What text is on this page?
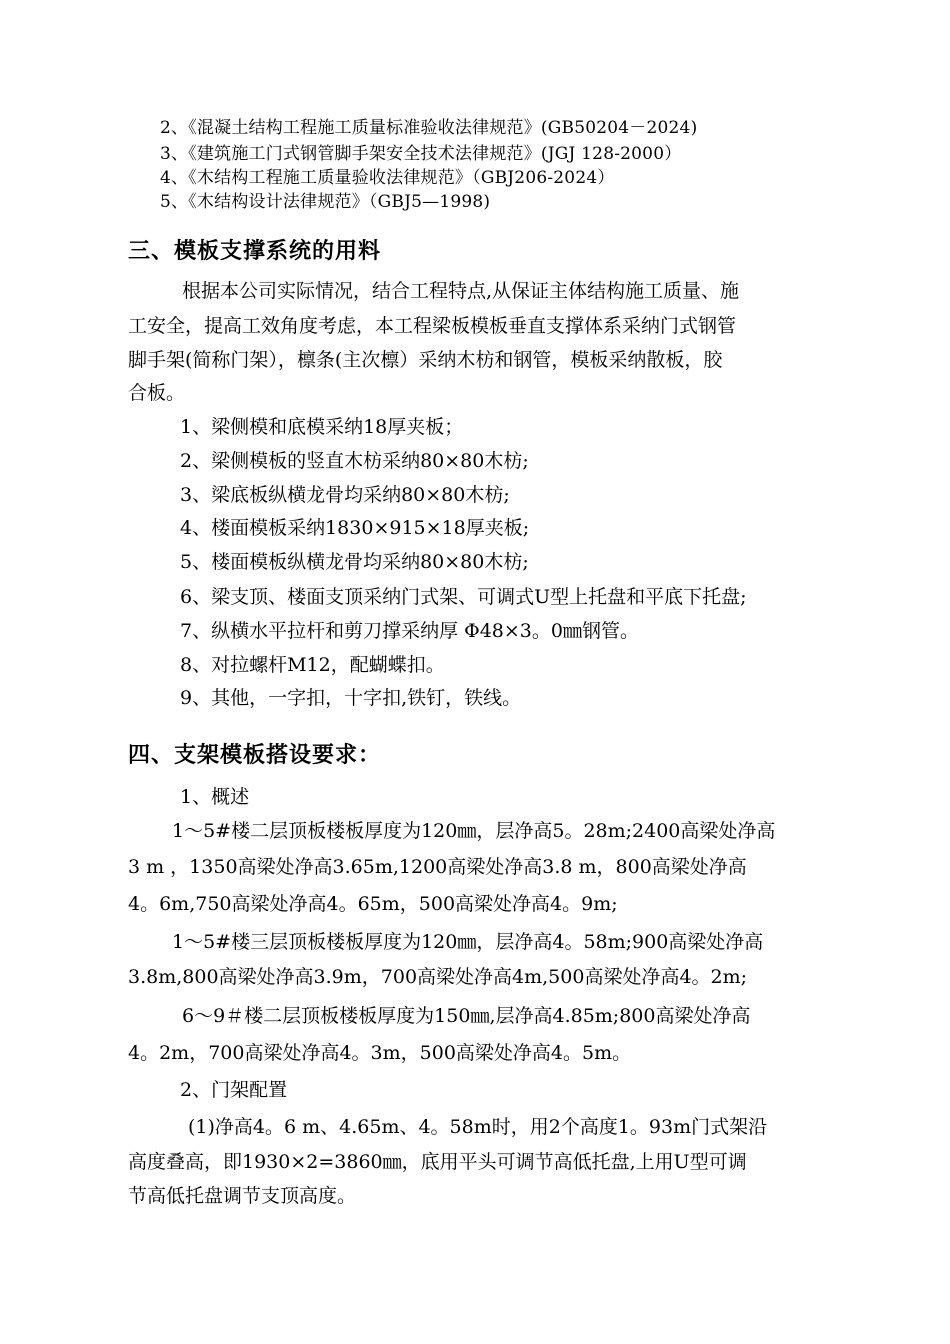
2、《混凝土结构工程施工质量标准验收法律规范》(GB50204－2024)
3、《建筑施工门式钢管脚手架安全技术法律规范》(JGJ 128-2000）
4、《木结构工程施工质量验收法律规范》（GBJ206-2024）
5、《木结构设计法律规范》（GBJ5—1998)
三、模板支撑系统的用料
根据本公司实际情况，结合工程特点,从保证主体结构施工质量、施
工安全，提高工效角度考虑，本工程梁板模板垂直支撑体系采纳门式钢管
脚手架(简称门架），檩条(主次檩）采纳木枋和钢管，模板采纳散板，胶
合板。
1、梁侧模和底模采纳18厚夹板；
2、梁侧模板的竖直木枋采纳80×80木枋;
3、梁底板纵横龙骨均采纳80×80木枋;
4、楼面模板采纳1830×915×18厚夹板;
5、楼面模板纵横龙骨均采纳80×80木枋;
6、梁支顶、楼面支顶采纳门式架、可调式U型上托盘和平底下托盘;
7、纵横水平拉杆和剪刀撑采纳厚 Φ48×3。0㎜钢管。
8、对拉螺杆M12，配蝴蝶扣。
9、其他，一字扣，十字扣,铁钉，铁线。
四、支架模板搭设要求：
1、概述
1～5#楼二层顶板楼板厚度为120㎜，层净高5。28m;2400高梁处净高
3 m ，1350高梁处净高3.65m,1200高梁处净高3.8 m，800高梁处净高
4。6m,750高梁处净高4。65m，500高梁处净高4。9m;
1～5#楼三层顶板楼板厚度为120㎜，层净高4。58m;900高梁处净高
3.8m,800高梁处净高3.9m，700高梁处净高4m,500高梁处净高4。2m;
6～9＃楼二层顶板楼板厚度为150㎜,层净高4.85m;800高梁处净高
4。2m，700高梁处净高4。3m，500高梁处净高4。5m。
2、门架配置
(1)净高4。6 m、4.65m、4。58m时，用2个高度1。93m门式架沿
高度叠高，即1930×2=3860㎜，底用平头可调节高低托盘,上用U型可调
节高低托盘调节支顶高度。
